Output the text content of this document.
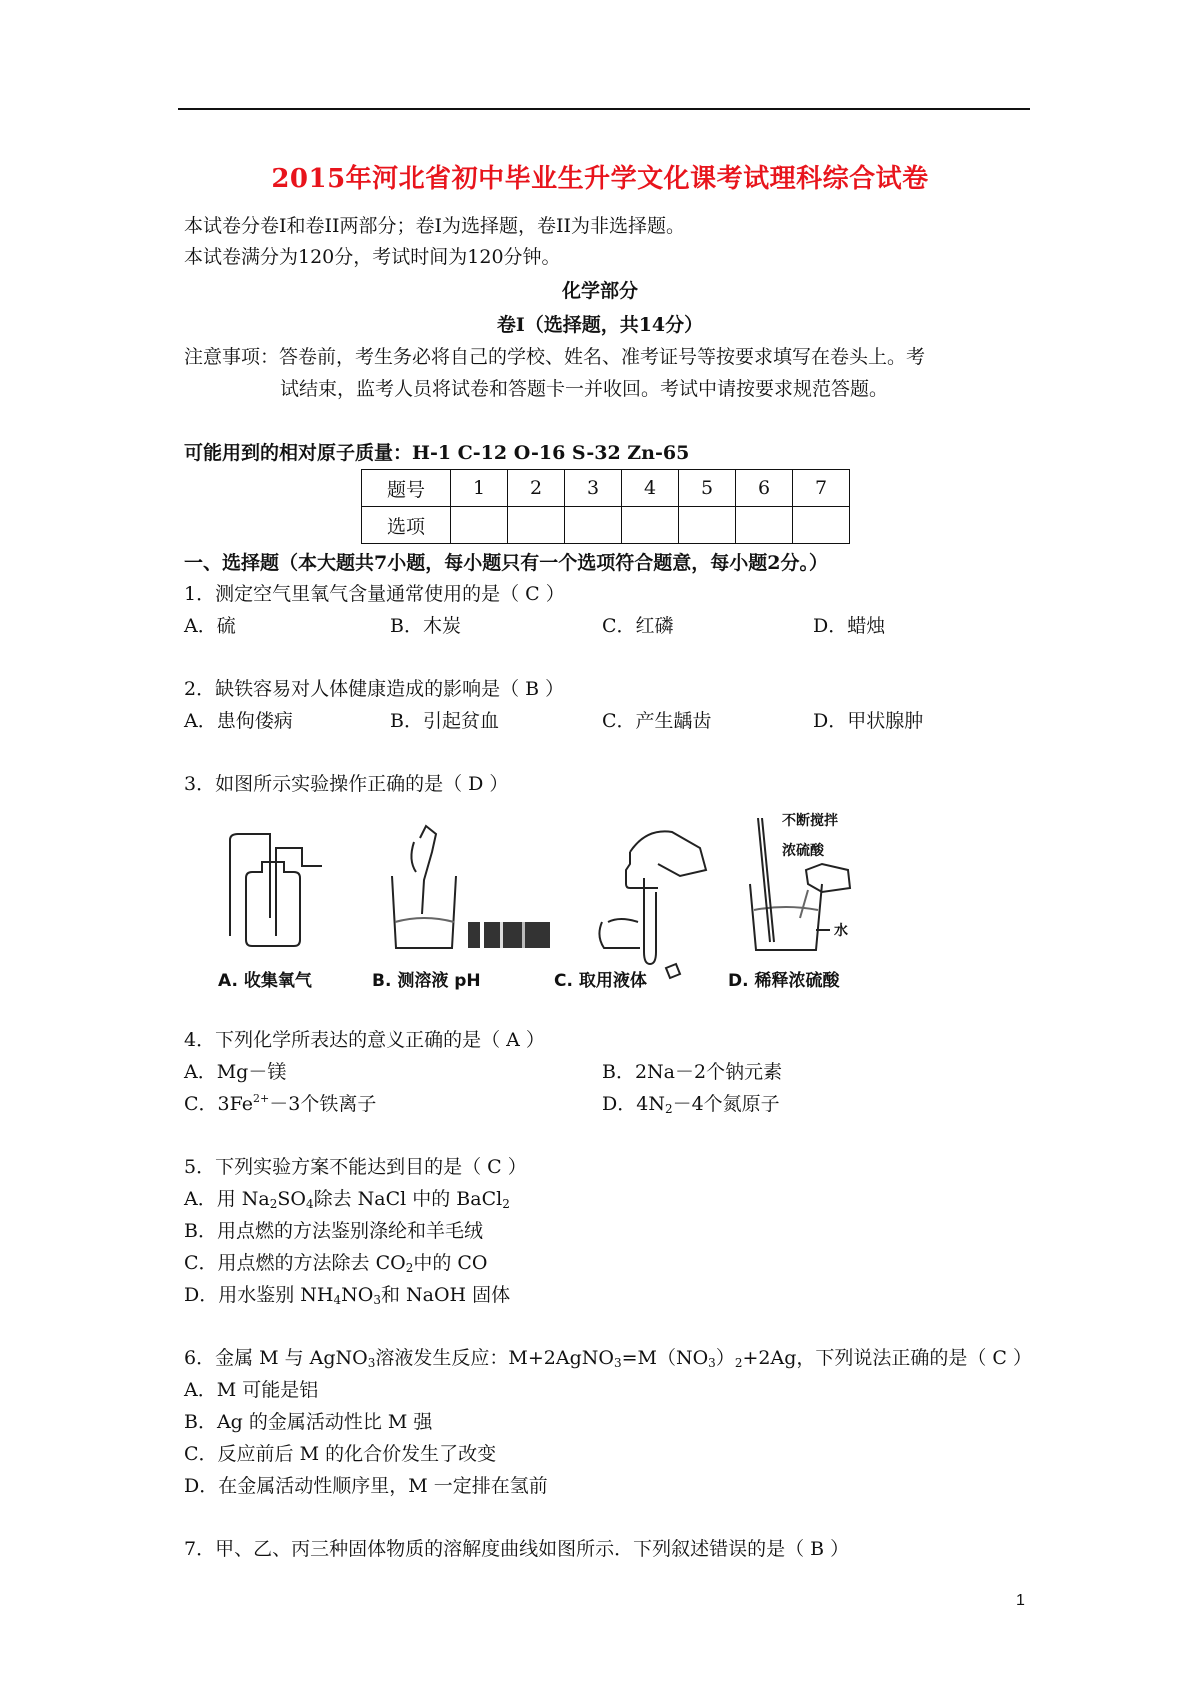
2015年河北省初中毕业生升学文化课考试理科综合试卷
本试卷分卷I和卷II两部分；卷I为选择题，卷II为非选择题。
本试卷满分为120分，考试时间为120分钟。
化学部分
卷I（选择题，共14分）
注意事项：答卷前，考生务必将自己的学校、姓名、准考证号等按要求填写在卷头上。考
试结束，监考人员将试卷和答题卡一并收回。考试中请按要求规范答题。
可能用到的相对原子质量：H-1 C-12 O-16 S-32 Zn-65
题号	1	2	3	4	5	6	7
选项							
一、选择题（本大题共7小题，每小题只有一个选项符合题意，每小题2分。）
1．测定空气里氧气含量通常使用的是（ C ）
A．硫	B．木炭	C．红磷	D．蜡烛
2．缺铁容易对人体健康造成的影响是（ B ）
A．患佝偻病	B．引起贫血	C．产生龋齿	D．甲状腺肿
3．如图所示实验操作正确的是（ D ）
A. 收集氧气	B. 测溶液 pH	C. 取用液体	D. 稀释浓硫酸
不断搅拌
浓硫酸
水
4．下列化学所表达的意义正确的是（ A ）
A．Mg－镁	B．2Na－2个钠元素
C．$3Fe^{2+}-3$个铁离子	D．$4N_2-4$个氮原子
5．下列实验方案不能达到目的是（ C ）
A．用 $Na_2SO_4$除去 NaCl 中的 BaCl$_2$
B．用点燃的方法鉴别涤纶和羊毛绒
C．用点燃的方法除去 $CO_2$中的 CO
D．用水鉴别 $NH_4NO_3$和 NaOH 固体
6．金属 M 与 AgNO$_3$溶液发生反应：$M+2AgNO_3=M(NO_3)_2+2Ag$，下列说法正确的是（ C ）
A．M 可能是铝
B．Ag 的金属活动性比 M 强
C．反应前后 M 的化合价发生了改变
D．在金属活动性顺序里，M 一定排在氢前
7．甲、乙、丙三种固体物质的溶解度曲线如图所示．下列叙述错误的是（ B ）
1
